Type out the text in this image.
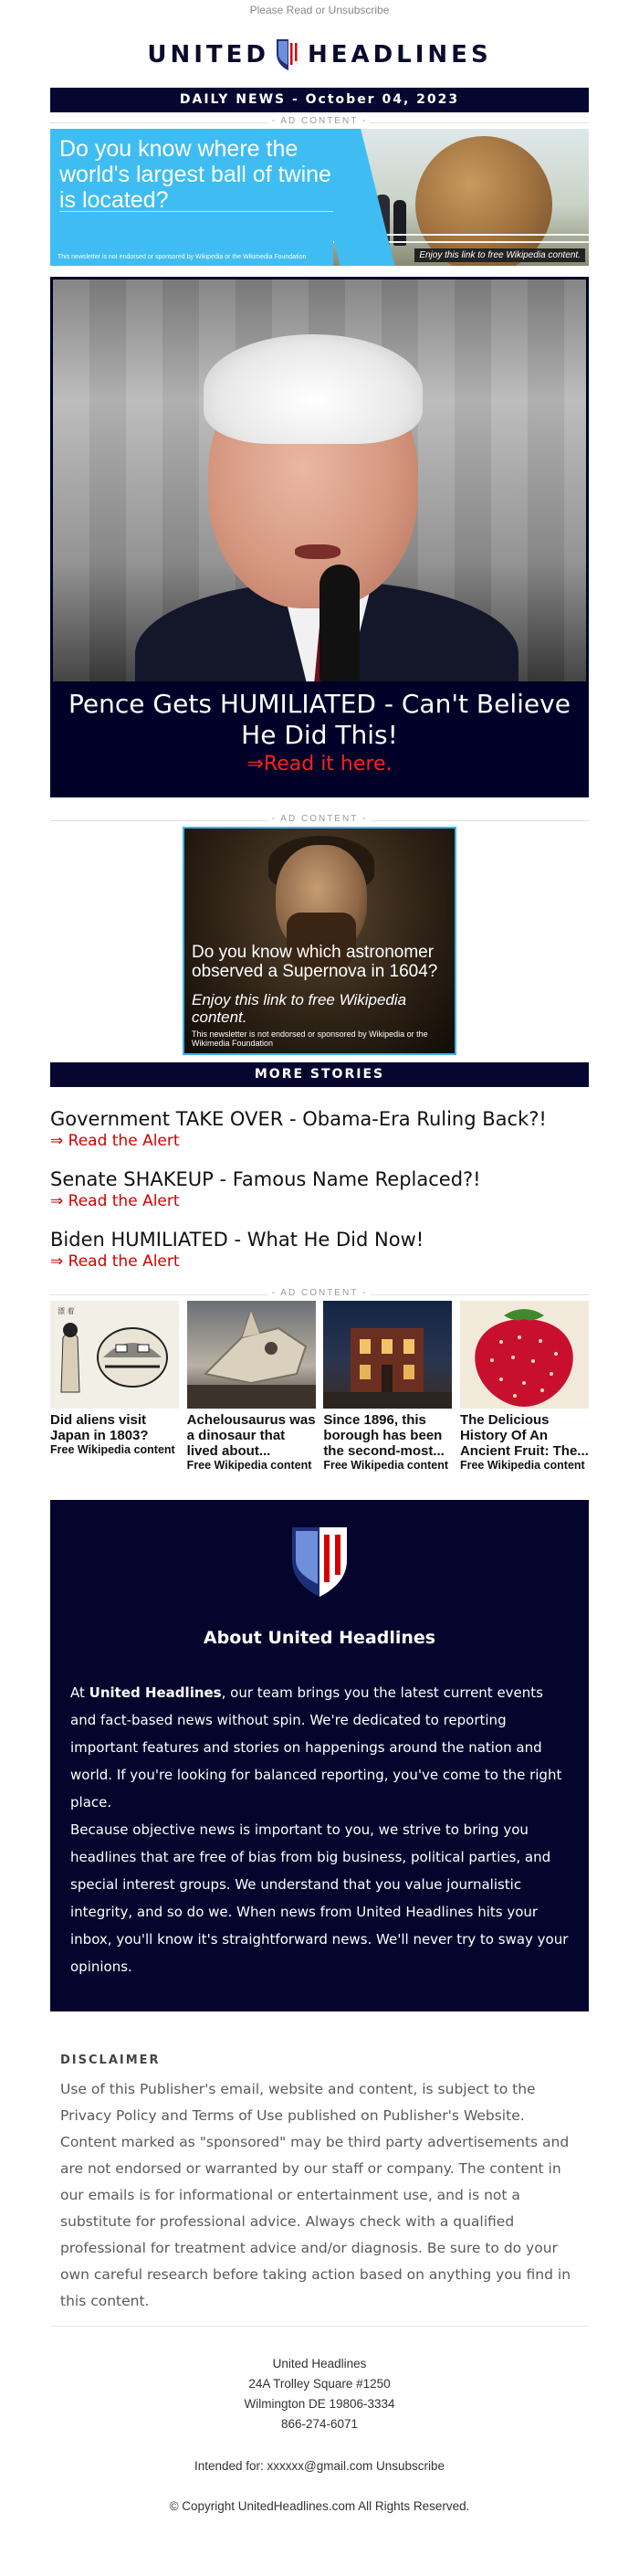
Please Read or Unsubscribe
UNITED HEADLINES
DAILY NEWS - October 04, 2023
- AD CONTENT -
Do you know where the world's largest ball of twine is located?
This newsletter is not endorsed or sponsored by Wikipedia or the Wikimedia Foundation	Enjoy this link to free Wikipedia content.
Pence Gets HUMILIATED - Can't Believe He Did This!
⇒Read it here.
- AD CONTENT -
Do you know which astronomer observed a Supernova in 1604?
Enjoy this link to free Wikipedia content.
This newsletter is not endorsed or sponsored by Wikipedia or the Wikimedia Foundation
MORE STORIES
Government TAKE OVER - Obama-Era Ruling Back?!
⇒ Read the Alert
Senate SHAKEUP - Famous Name Replaced?!
⇒ Read the Alert
Biden HUMILIATED - What He Did Now!
⇒ Read the Alert
- AD CONTENT -
漂 着
Did aliens visit Japan in 1803?
Free Wikipedia content
Achelousaurus was a dinosaur that lived about...
Free Wikipedia content
Since 1896, this borough has been the second-most...
Free Wikipedia content
The Delicious History Of An Ancient Fruit: The...
Free Wikipedia content
About United Headlines
At United Headlines, our team brings you the latest current events and fact-based news without spin. We're dedicated to reporting important features and stories on happenings around the nation and world. If you're looking for balanced reporting, you've come to the right place.
Because objective news is important to you, we strive to bring you headlines that are free of bias from big business, political parties, and special interest groups. We understand that you value journalistic integrity, and so do we. When news from United Headlines hits your inbox, you'll know it's straightforward news. We'll never try to sway your opinions.
DISCLAIMER
Use of this Publisher's email, website and content, is subject to the Privacy Policy and Terms of Use published on Publisher's Website. Content marked as "sponsored" may be third party advertisements and are not endorsed or warranted by our staff or company. The content in our emails is for informational or entertainment use, and is not a substitute for professional advice. Always check with a qualified professional for treatment advice and/or diagnosis. Be sure to do your own careful research before taking action based on anything you find in this content.
United Headlines
24A Trolley Square #1250
Wilmington DE 19806-3334
866-274-6071
Intended for: xxxxxx@gmail.com Unsubscribe
© Copyright UnitedHeadlines.com All Rights Reserved.
